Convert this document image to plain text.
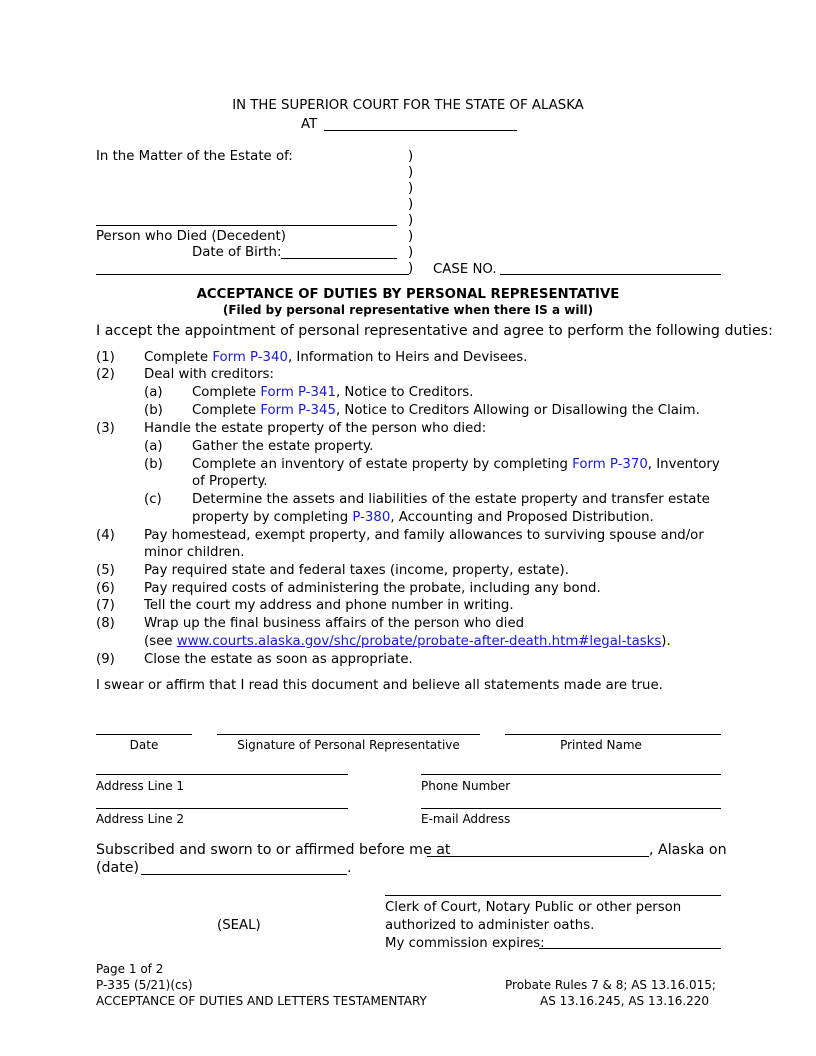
IN THE SUPERIOR COURT FOR THE STATE OF ALASKA
AT
In the Matter of the Estate of:	)
)
)
)
)
)
)
)
Person who Died (Decedent)
Date of Birth:
CASE NO.
ACCEPTANCE OF DUTIES BY PERSONAL REPRESENTATIVE
(Filed by personal representative when there IS a will)
I accept the appointment of personal representative and agree to perform the following duties:
(1) Complete Form P-340, Information to Heirs and Devisees.
(2) Deal with creditors:
(a) Complete Form P-341, Notice to Creditors.
(b) Complete Form P-345, Notice to Creditors Allowing or Disallowing the Claim.
(3) Handle the estate property of the person who died:
(a) Gather the estate property.
(b) Complete an inventory of estate property by completing Form P-370, Inventory
of Property.
(c) Determine the assets and liabilities of the estate property and transfer estate
property by completing P-380, Accounting and Proposed Distribution.
(4) Pay homestead, exempt property, and family allowances to surviving spouse and/or
minor children.
(5) Pay required state and federal taxes (income, property, estate).
(6) Pay required costs of administering the probate, including any bond.
(7) Tell the court my address and phone number in writing.
(8) Wrap up the final business affairs of the person who died
(see www.courts.alaska.gov/shc/probate/probate-after-death.htm#legal-tasks).
(9) Close the estate as soon as appropriate.
I swear or affirm that I read this document and believe all statements made are true.
Date	Signature of Personal Representative	Printed Name
Address Line 1	Phone Number
Address Line 2	E-mail Address
Subscribed and sworn to or affirmed before me at	, Alaska on
(date)	.
Clerk of Court, Notary Public or other person
(SEAL)	authorized to administer oaths.
My commission expires:
Page 1 of 2
P-335 (5/21)(cs)
ACCEPTANCE OF DUTIES AND LETTERS TESTAMENTARY
Probate Rules 7 & 8; AS 13.16.015;
AS 13.16.245, AS 13.16.220
